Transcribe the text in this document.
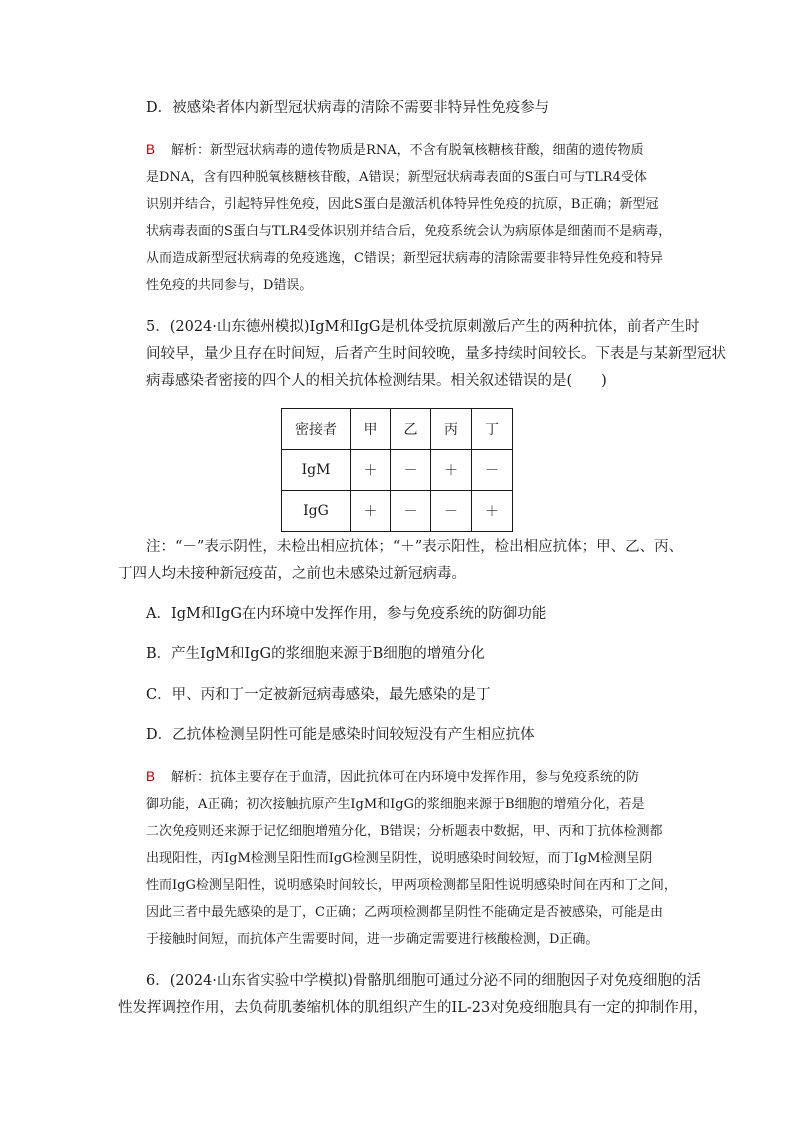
D．被感染者体内新型冠状病毒的清除不需要非特异性免疫参与
B 解析：新型冠状病毒的遗传物质是RNA，不含有脱氧核糖核苷酸，细菌的遗传物质
是DNA，含有四种脱氧核糖核苷酸，A错误；新型冠状病毒表面的S蛋白可与TLR4受体
识别并结合，引起特异性免疫，因此S蛋白是激活机体特异性免疫的抗原，B正确；新型冠
状病毒表面的S蛋白与TLR4受体识别并结合后，免疫系统会认为病原体是细菌而不是病毒，
从而造成新型冠状病毒的免疫逃逸，C错误；新型冠状病毒的清除需要非特异性免疫和特异
性免疫的共同参与，D错误。
5．(2024·山东德州模拟)IgM和IgG是机体受抗原刺激后产生的两种抗体，前者产生时
间较早，量少且存在时间短，后者产生时间较晚，量多持续时间较长。下表是与某新型冠状
病毒感染者密接的四个人的相关抗体检测结果。相关叙述错误的是(　　)
密接者	甲	乙	丙	丁
IgM	＋	－	＋	－
IgG	＋	－	－	＋
注：“－”表示阴性，未检出相应抗体；“＋”表示阳性，检出相应抗体；甲、乙、丙、
丁四人均未接种新冠疫苗，之前也未感染过新冠病毒。
A．IgM和IgG在内环境中发挥作用，参与免疫系统的防御功能
B．产生IgM和IgG的浆细胞来源于B细胞的增殖分化
C．甲、丙和丁一定被新冠病毒感染，最先感染的是丁
D．乙抗体检测呈阴性可能是感染时间较短没有产生相应抗体
B 解析：抗体主要存在于血清，因此抗体可在内环境中发挥作用，参与免疫系统的防
御功能，A正确；初次接触抗原产生IgM和IgG的浆细胞来源于B细胞的增殖分化，若是
二次免疫则还来源于记忆细胞增殖分化，B错误；分析题表中数据，甲、丙和丁抗体检测都
出现阳性，丙IgM检测呈阳性而IgG检测呈阴性，说明感染时间较短，而丁IgM检测呈阴
性而IgG检测呈阳性，说明感染时间较长，甲两项检测都呈阳性说明感染时间在丙和丁之间，
因此三者中最先感染的是丁，C正确；乙两项检测都呈阴性不能确定是否被感染，可能是由
于接触时间短，而抗体产生需要时间，进一步确定需要进行核酸检测，D正确。
6．(2024·山东省实验中学模拟)骨骼肌细胞可通过分泌不同的细胞因子对免疫细胞的活
性发挥调控作用，去负荷肌萎缩机体的肌组织产生的IL-23对免疫细胞具有一定的抑制作用，
